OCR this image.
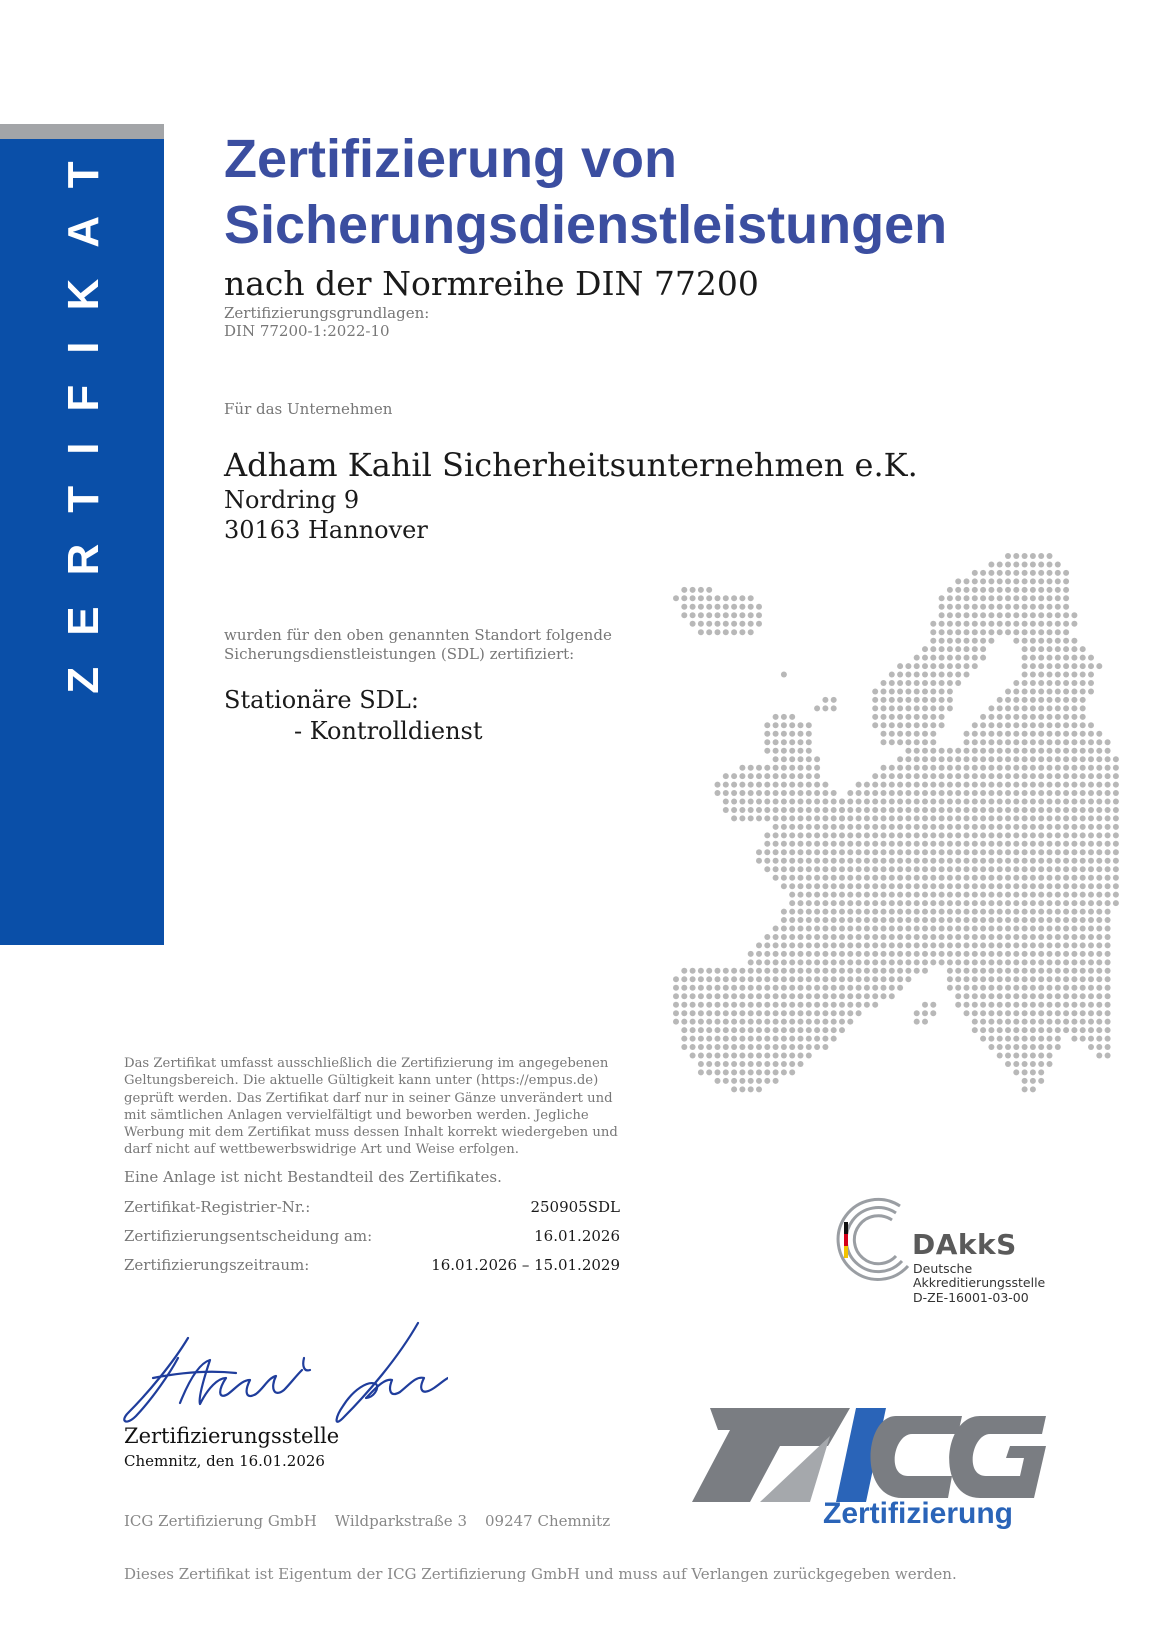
ZERTIFIKAT Zertifizierung von
Sicherungsdienstleistungen
nach der Normreihe DIN 77200
Zertifizierungsgrundlagen:
DIN 77200-1:2022-10
Für das Unternehmen
Adham Kahil Sicherheitsunternehmen e.K.
Nordring 9
30163 Hannover
wurden für den oben genannten Standort folgende
Sicherungsdienstleistungen (SDL) zertifiziert:
Stationäre SDL:
- Kontrolldienst
Das Zertifikat umfasst ausschließlich die Zertifizierung im angegebenen Geltungsbereich. Die aktuelle Gültigkeit kann unter (https://empus.de) geprüft werden. Das Zertifikat darf nur in seiner Gänze unverändert und mit sämtlichen Anlagen vervielfältigt und beworben werden. Jegliche Werbung mit dem Zertifikat muss dessen Inhalt korrekt wiedergeben und darf nicht auf wettbewerbswidrige Art und Weise erfolgen.
Eine Anlage ist nicht Bestandteil des Zertifikates.
Zertifikat-Registrier-Nr.:	250905SDL
Zertifizierungsentscheidung am:	16.01.2026
Zertifizierungszeitraum:	16.01.2026 – 15.01.2029
DAkkS
Deutsche
Akkreditierungsstelle
D-ZE-16001-03-00
Zertifizierungsstelle
Chemnitz, den 16.01.2026
Zertifizierung
ICG Zertifizierung GmbH Wildparkstraße 3 09247 Chemnitz
Dieses Zertifikat ist Eigentum der ICG Zertifizierung GmbH und muss auf Verlangen zurückgegeben werden.
